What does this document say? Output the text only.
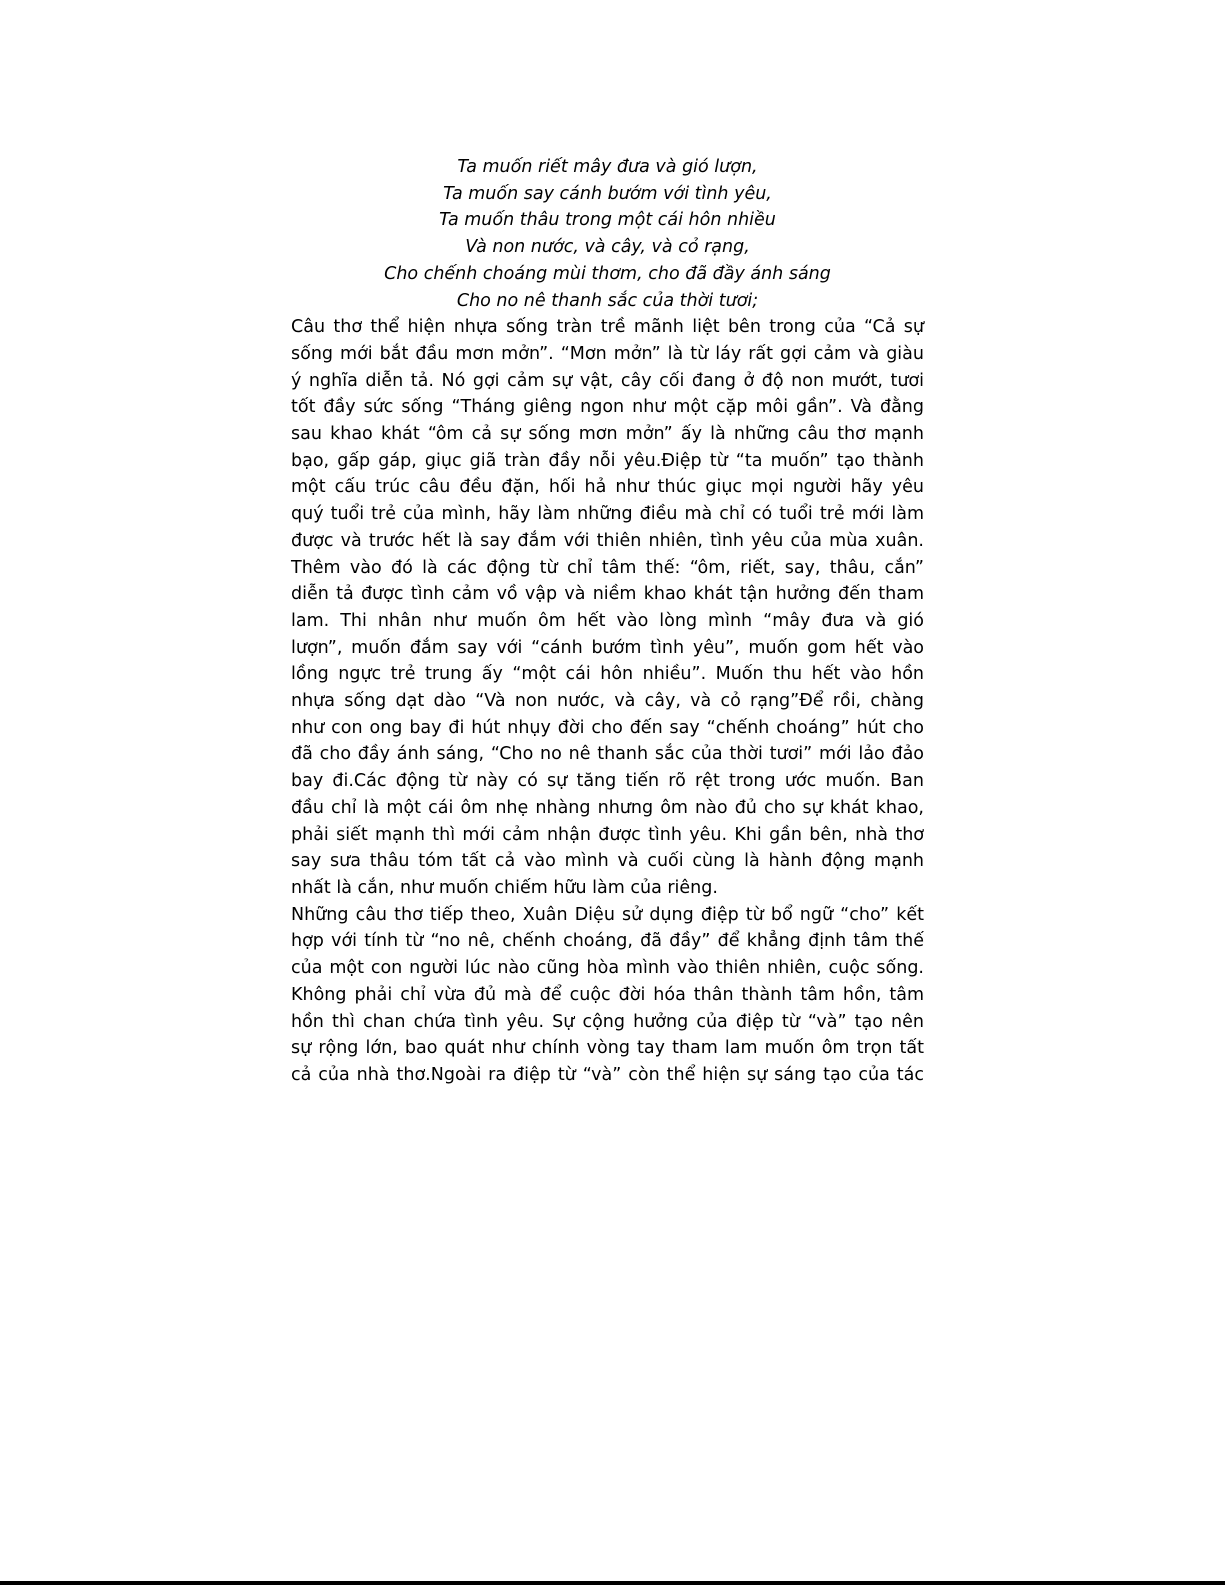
Ta muốn riết mây đưa và gió lượn,
Ta muốn say cánh bướm với tình yêu,
Ta muốn thâu trong một cái hôn nhiều
Và non nước, và cây, và cỏ rạng,
Cho chếnh choáng mùi thơm, cho đã đầy ánh sáng
Cho no nê thanh sắc của thời tươi;
Câu thơ thể hiện nhựa sống tràn trề mãnh liệt bên trong của “Cả sự
sống mới bắt đầu mơn mởn”. “Mơn mởn” là từ láy rất gợi cảm và giàu
ý nghĩa diễn tả. Nó gợi cảm sự vật, cây cối đang ở độ non mướt, tươi
tốt đầy sức sống “Tháng giêng ngon như một cặp môi gần”. Và đằng
sau khao khát “ôm cả sự sống mơn mởn” ấy là những câu thơ mạnh
bạo, gấp gáp, giục giã tràn đầy nỗi yêu.Điệp từ “ta muốn” tạo thành
một cấu trúc câu đều đặn, hối hả như thúc giục mọi người hãy yêu
quý tuổi trẻ của mình, hãy làm những điều mà chỉ có tuổi trẻ mới làm
được và trước hết là say đắm với thiên nhiên, tình yêu của mùa xuân.
Thêm vào đó là các động từ chỉ tâm thế: “ôm, riết, say, thâu, cắn”
diễn tả được tình cảm vồ vập và niềm khao khát tận hưởng đến tham
lam. Thi nhân như muốn ôm hết vào lòng mình “mây đưa và gió
lượn”, muốn đắm say với “cánh bướm tình yêu”, muốn gom hết vào
lồng ngực trẻ trung ấy “một cái hôn nhiều”. Muốn thu hết vào hồn
nhựa sống dạt dào “Và non nước, và cây, và cỏ rạng”Để rồi, chàng
như con ong bay đi hút nhụy đời cho đến say “chếnh choáng” hút cho
đã cho đầy ánh sáng, “Cho no nê thanh sắc của thời tươi” mới lảo đảo
bay đi.Các động từ này có sự tăng tiến rõ rệt trong ước muốn. Ban
đầu chỉ là một cái ôm nhẹ nhàng nhưng ôm nào đủ cho sự khát khao,
phải siết mạnh thì mới cảm nhận được tình yêu. Khi gần bên, nhà thơ
say sưa thâu tóm tất cả vào mình và cuối cùng là hành động mạnh
nhất là cắn, như muốn chiếm hữu làm của riêng.
Những câu thơ tiếp theo, Xuân Diệu sử dụng điệp từ bổ ngữ “cho” kết
hợp với tính từ “no nê, chếnh choáng, đã đầy” để khẳng định tâm thế
của một con người lúc nào cũng hòa mình vào thiên nhiên, cuộc sống.
Không phải chỉ vừa đủ mà để cuộc đời hóa thân thành tâm hồn, tâm
hồn thì chan chứa tình yêu. Sự cộng hưởng của điệp từ “và” tạo nên
sự rộng lớn, bao quát như chính vòng tay tham lam muốn ôm trọn tất
cả của nhà thơ.Ngoài ra điệp từ “và” còn thể hiện sự sáng tạo của tác
